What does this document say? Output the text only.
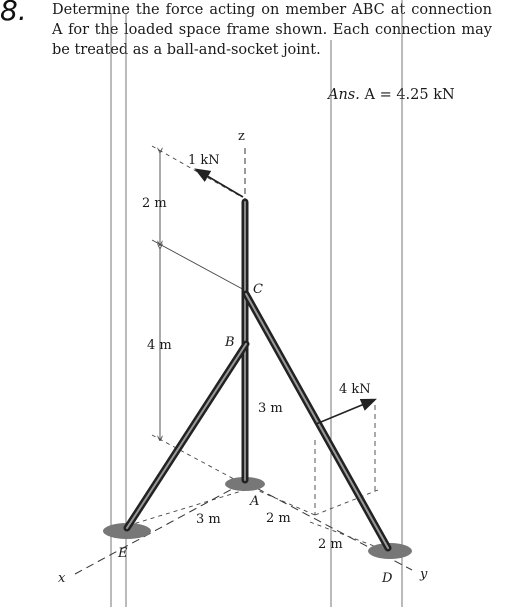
8. Determine the force acting on member ABC at connection A for the loaded space frame shown. Each connection may be treated as a ball-and-socket joint.
Ans. A = 4.25 kN
z
x	y
1 kN
4 kN
2 m
4 m
3 m
3 m	2 m
2 m
A
B
C
D
E
